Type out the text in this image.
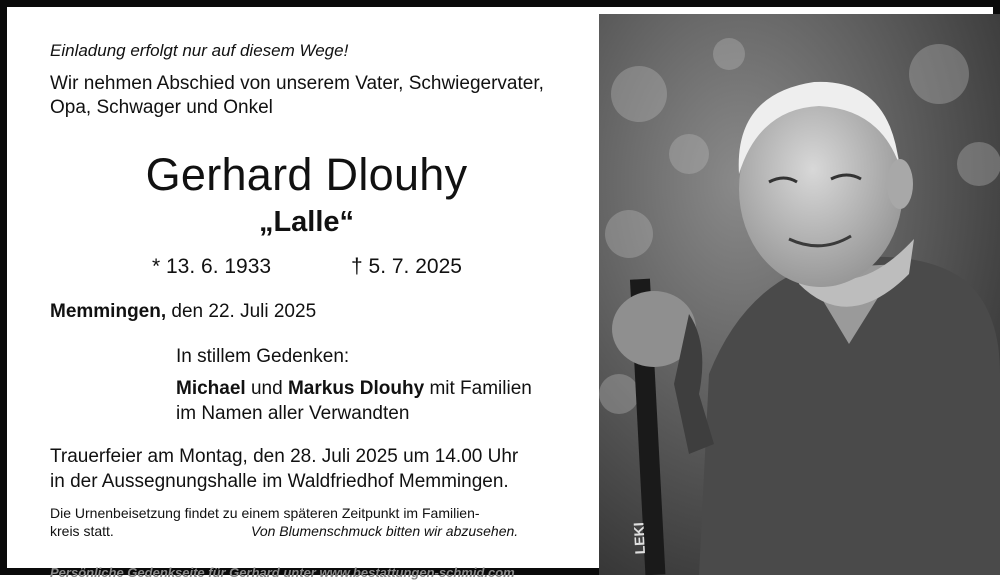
Einladung erfolgt nur auf diesem Wege!
Wir nehmen Abschied von unserem Vater, Schwiegervater,
Opa, Schwager und Onkel
Gerhard Dlouhy
„Lalle“
* 13. 6. 1933	† 5. 7. 2025
Memmingen, den 22. Juli 2025
In stillem Gedenken:
Michael und Markus Dlouhy mit Familien
im Namen aller Verwandten
Trauerfeier am Montag, den 28. Juli 2025 um 14.00 Uhr
in der Aussegnungshalle im Waldfriedhof Memmingen.
Die Urnenbeisetzung findet zu einem späteren Zeitpunkt im Familien-
kreis statt.	Von Blumenschmuck bitten wir abzusehen.
Persönliche Gedenkseite für Gerhard unter www.bestattungen-schmid.com
LEKI
